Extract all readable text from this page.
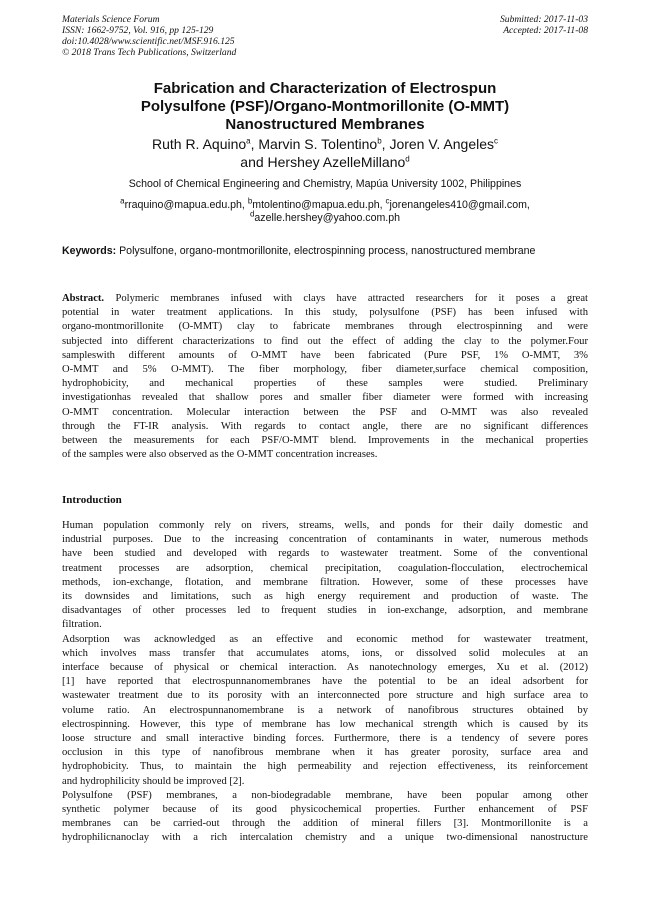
Materials Science Forum
ISSN: 1662-9752, Vol. 916, pp 125-129
doi:10.4028/www.scientific.net/MSF.916.125
© 2018 Trans Tech Publications, Switzerland
Submitted: 2017-11-03
Accepted: 2017-11-08
Fabrication and Characterization of Electrospun
Polysulfone (PSF)/Organo-Montmorillonite (O-MMT)
Nanostructured Membranes
Ruth R. Aquino$^a$, Marvin S. Tolentino$^b$, Joren V. Angeles$^c$
and Hershey AzelleMillano$^d$
School of Chemical Engineering and Chemistry, Mapúa University 1002, Philippines
$^a$rraquino@mapua.edu.ph, $^b$mtolentino@mapua.edu.ph, $^c$jorenangeles410@gmail.com,
$^d$azelle.hershey@yahoo.com.ph
Keywords: Polysulfone, organo-montmorillonite, electrospinning process, nanostructured membrane
Abstract. Polymeric membranes infused with clays have attracted researchers for it poses a great
potential in water treatment applications. In this study, polysulfone (PSF) has been infused with
organo-montmorillonite (O-MMT) clay to fabricate membranes through electrospinning and were
subjected into different characterizations to find out the effect of adding the clay to the polymer.Four
sampleswith different amounts of O-MMT have been fabricated (Pure PSF, 1% O-MMT, 3%
O-MMT and 5% O-MMT). The fiber morphology, fiber diameter,surface chemical composition,
hydrophobicity, and mechanical properties of these samples were studied. Preliminary
investigationhas revealed that shallow pores and smaller fiber diameter were formed with increasing
O-MMT concentration. Molecular interaction between the PSF and O-MMT was also revealed
through the FT-IR analysis. With regards to contact angle, there are no significant differences
between the measurements for each PSF/O-MMT blend. Improvements in the mechanical properties
of the samples were also observed as the O-MMT concentration increases.
Introduction
Human population commonly rely on rivers, streams, wells, and ponds for their daily domestic and
industrial purposes. Due to the increasing concentration of contaminants in water, numerous methods
have been studied and developed with regards to wastewater treatment. Some of the conventional
treatment processes are adsorption, chemical precipitation, coagulation-flocculation, electrochemical
methods, ion-exchange, flotation, and membrane filtration. However, some of these processes have
its downsides and limitations, such as high energy requirement and production of waste. The
disadvantages of other processes led to frequent studies in ion-exchange, adsorption, and membrane
filtration.
Adsorption was acknowledged as an effective and economic method for wastewater treatment,
which involves mass transfer that accumulates atoms, ions, or dissolved solid molecules at an
interface because of physical or chemical interaction. As nanotechnology emerges, Xu et al. (2012)
[1] have reported that electrospunnanomembranes have the potential to be an ideal adsorbent for
wastewater treatment due to its porosity with an interconnected pore structure and high surface area to
volume ratio. An electrospunnanomembrane is a network of nanofibrous structures obtained by
electrospinning. However, this type of membrane has low mechanical strength which is caused by its
loose structure and small interactive binding forces. Furthermore, there is a tendency of severe pores
occlusion in this type of nanofibrous membrane when it has greater porosity, surface area and
hydrophobicity. Thus, to maintain the high permeability and rejection effectiveness, its reinforcement
and hydrophilicity should be improved [2].
Polysulfone (PSF) membranes, a non-biodegradable membrane, have been popular among other
synthetic polymer because of its good physicochemical properties. Further enhancement of PSF
membranes can be carried-out through the addition of mineral fillers [3]. Montmorillonite is a
hydrophilicnanoclay with a rich intercalation chemistry and a unique two-dimensional nanostructure
